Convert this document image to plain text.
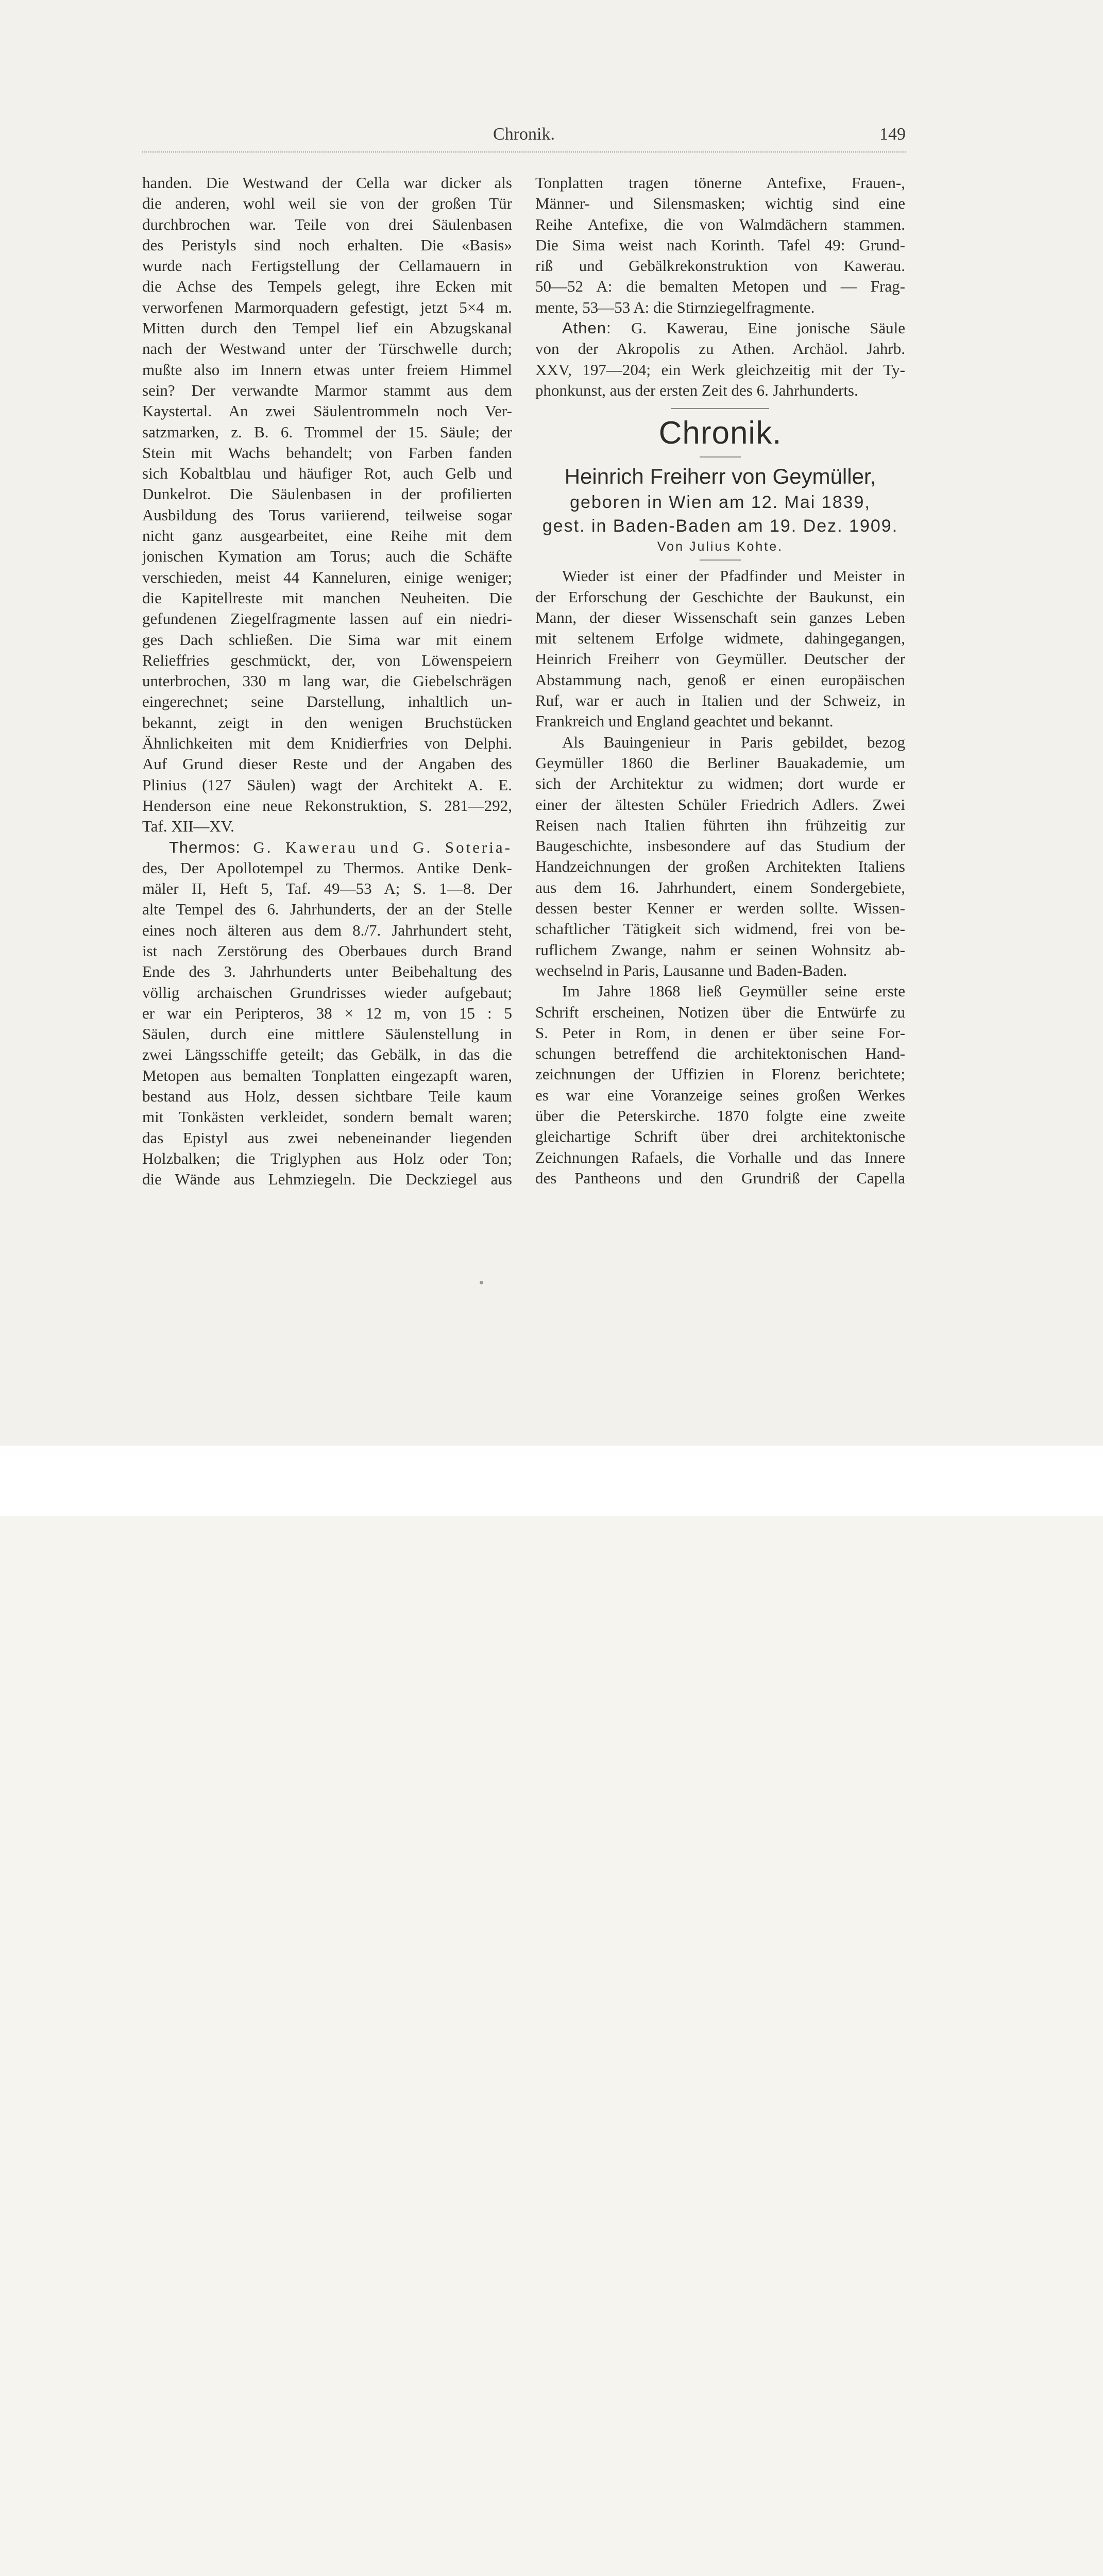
Chronik.	149
handen. Die Westwand der Cella war dicker als
die anderen, wohl weil sie von der großen Tür
durchbrochen war. Teile von drei Säulenbasen
des Peristyls sind noch erhalten. Die «Basis»
wurde nach Fertigstellung der Cellamauern in
die Achse des Tempels gelegt, ihre Ecken mit
verworfenen Marmorquadern gefestigt, jetzt 5×4 m.
Mitten durch den Tempel lief ein Abzugskanal
nach der Westwand unter der Türschwelle durch;
mußte also im Innern etwas unter freiem Himmel
sein? Der verwandte Marmor stammt aus dem
Kaystertal. An zwei Säulentrommeln noch Ver-
satzmarken, z. B. 6. Trommel der 15. Säule; der
Stein mit Wachs behandelt; von Farben fanden
sich Kobaltblau und häufiger Rot, auch Gelb und
Dunkelrot. Die Säulenbasen in der profilierten
Ausbildung des Torus variierend, teilweise sogar
nicht ganz ausgearbeitet, eine Reihe mit dem
jonischen Kymation am Torus; auch die Schäfte
verschieden, meist 44 Kanneluren, einige weniger;
die Kapitellreste mit manchen Neuheiten. Die
gefundenen Ziegelfragmente lassen auf ein niedri-
ges Dach schließen. Die Sima war mit einem
Relieffries geschmückt, der, von Löwenspeiern
unterbrochen, 330 m lang war, die Giebelschrägen
eingerechnet; seine Darstellung, inhaltlich un-
bekannt, zeigt in den wenigen Bruchstücken
Ähnlichkeiten mit dem Knidierfries von Delphi.
Auf Grund dieser Reste und der Angaben des
Plinius (127 Säulen) wagt der Architekt A. E.
Henderson eine neue Rekonstruktion, S. 281—292,
Taf. XII—XV.
Thermos: G. Kawerau und G. Soteria-
des, Der Apollotempel zu Thermos. Antike Denk-
mäler II, Heft 5, Taf. 49—53 A; S. 1—8. Der
alte Tempel des 6. Jahrhunderts, der an der Stelle
eines noch älteren aus dem 8./7. Jahrhundert steht,
ist nach Zerstörung des Oberbaues durch Brand
Ende des 3. Jahrhunderts unter Beibehaltung des
völlig archaischen Grundrisses wieder aufgebaut;
er war ein Peripteros, 38 × 12 m, von 15 : 5
Säulen, durch eine mittlere Säulenstellung in
zwei Längsschiffe geteilt; das Gebälk, in das die
Metopen aus bemalten Tonplatten eingezapft waren,
bestand aus Holz, dessen sichtbare Teile kaum
mit Tonkästen verkleidet, sondern bemalt waren;
das Epistyl aus zwei nebeneinander liegenden
Holzbalken; die Triglyphen aus Holz oder Ton;
die Wände aus Lehmziegeln. Die Deckziegel aus
Tonplatten tragen tönerne Antefixe, Frauen-,
Männer- und Silensmasken; wichtig sind eine
Reihe Antefixe, die von Walmdächern stammen.
Die Sima weist nach Korinth. Tafel 49: Grund-
riß und Gebälkrekonstruktion von Kawerau.
50—52 A: die bemalten Metopen und — Frag-
mente, 53—53 A: die Stirnziegelfragmente.
Athen: G. Kawerau, Eine jonische Säule
von der Akropolis zu Athen. Archäol. Jahrb.
XXV, 197—204; ein Werk gleichzeitig mit der Ty-
phonkunst, aus der ersten Zeit des 6. Jahrhunderts.
Chronik.
Heinrich Freiherr von Geymüller,
geboren in Wien am 12. Mai 1839,
gest. in Baden-Baden am 19. Dez. 1909.
Von Julius Kohte.
Wieder ist einer der Pfadfinder und Meister in
der Erforschung der Geschichte der Baukunst, ein
Mann, der dieser Wissenschaft sein ganzes Leben
mit seltenem Erfolge widmete, dahingegangen,
Heinrich Freiherr von Geymüller. Deutscher der
Abstammung nach, genoß er einen europäischen
Ruf, war er auch in Italien und der Schweiz, in
Frankreich und England geachtet und bekannt.
Als Bauingenieur in Paris gebildet, bezog
Geymüller 1860 die Berliner Bauakademie, um
sich der Architektur zu widmen; dort wurde er
einer der ältesten Schüler Friedrich Adlers. Zwei
Reisen nach Italien führten ihn frühzeitig zur
Baugeschichte, insbesondere auf das Studium der
Handzeichnungen der großen Architekten Italiens
aus dem 16. Jahrhundert, einem Sondergebiete,
dessen bester Kenner er werden sollte. Wissen-
schaftlicher Tätigkeit sich widmend, frei von be-
ruflichem Zwange, nahm er seinen Wohnsitz ab-
wechselnd in Paris, Lausanne und Baden-Baden.
Im Jahre 1868 ließ Geymüller seine erste
Schrift erscheinen, Notizen über die Entwürfe zu
S. Peter in Rom, in denen er über seine For-
schungen betreffend die architektonischen Hand-
zeichnungen der Uffizien in Florenz berichtete;
es war eine Voranzeige seines großen Werkes
über die Peterskirche. 1870 folgte eine zweite
gleichartige Schrift über drei architektonische
Zeichnungen Rafaels, die Vorhalle und das Innere
des Pantheons und den Grundriß der Capella
